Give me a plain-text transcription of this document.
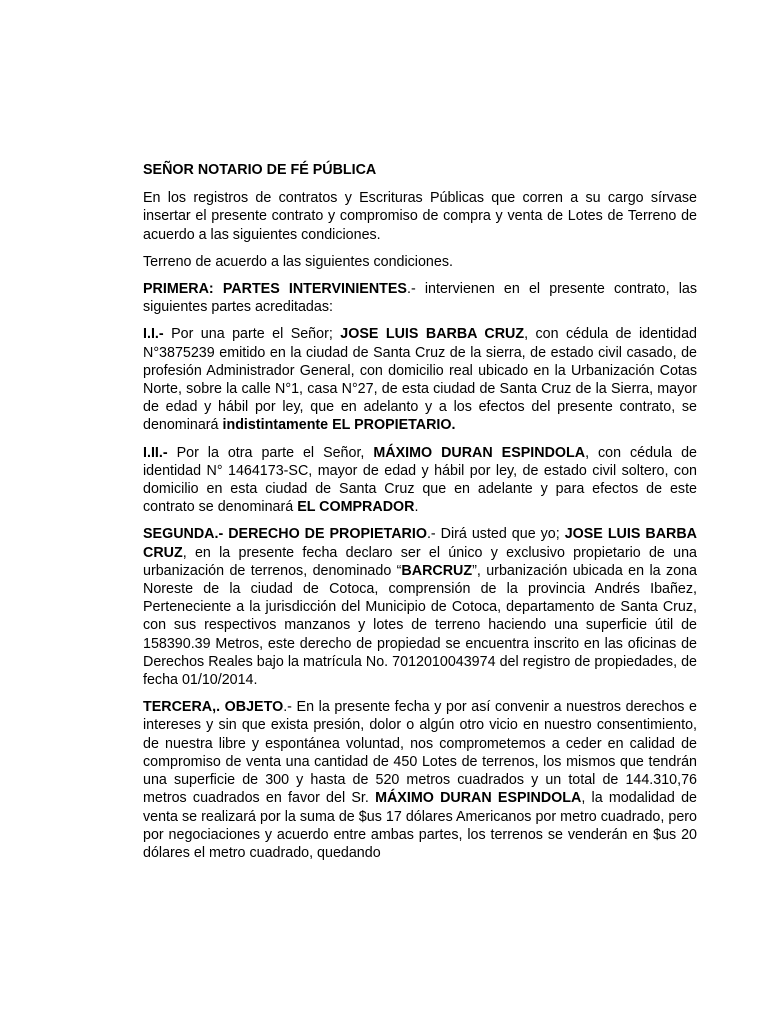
SEÑOR NOTARIO DE FÉ PÚBLICA

En los registros de contratos y Escrituras Públicas que corren a su cargo sírvase insertar el presente contrato y compromiso de compra y venta de Lotes de Terreno de acuerdo a las siguientes condiciones.

Terreno de acuerdo a las siguientes condiciones.

PRIMERA: PARTES INTERVINIENTES.- intervienen en el presente contrato, las siguientes partes acreditadas:

I.I.- Por una parte el Señor; JOSE LUIS BARBA CRUZ, con cédula de identidad N°3875239 emitido en la ciudad de Santa Cruz de la sierra, de estado civil casado, de profesión Administrador General, con domicilio real ubicado en la Urbanización Cotas Norte, sobre la calle N°1, casa N°27, de esta ciudad de Santa Cruz de la Sierra, mayor de edad y hábil por ley, que en adelanto y a los efectos del presente contrato, se denominará indistintamente EL PROPIETARIO.

I.II.- Por la otra parte el Señor, MÁXIMO DURAN ESPINDOLA, con cédula de identidad N° 1464173-SC, mayor de edad y hábil por ley, de estado civil soltero, con domicilio en esta ciudad de Santa Cruz que en adelante y para efectos de este contrato se denominará EL COMPRADOR.

SEGUNDA.- DERECHO DE PROPIETARIO.- Dirá usted que yo; JOSE LUIS BARBA CRUZ, en la presente fecha declaro ser el único y exclusivo propietario de una urbanización de terrenos, denominado “BARCRUZ”, urbanización ubicada en la zona Noreste de la ciudad de Cotoca, comprensión de la provincia Andrés Ibañez, Perteneciente a la jurisdicción del Municipio de Cotoca, departamento de Santa Cruz, con sus respectivos manzanos y lotes de terreno haciendo una superficie útil de 158390.39 Metros, este derecho de propiedad se encuentra inscrito en las oficinas de Derechos Reales bajo la matrícula No. 7012010043974 del registro de propiedades, de fecha 01/10/2014.

TERCERA,. OBJETO.- En la presente fecha y por así convenir a nuestros derechos e intereses y sin que exista presión, dolor o algún otro vicio en nuestro consentimiento, de nuestra libre y espontánea voluntad, nos comprometemos a ceder en calidad de compromiso de venta una cantidad de 450 Lotes de terrenos, los mismos que tendrán una superficie de 300 y hasta de 520 metros cuadrados y un total de 144.310,76 metros cuadrados en favor del Sr. MÁXIMO DURAN ESPINDOLA, la modalidad de venta se realizará por la suma de $us 17 dólares Americanos por metro cuadrado, pero por negociaciones y acuerdo entre ambas partes, los terrenos se venderán en $us 20 dólares el metro cuadrado, quedando
